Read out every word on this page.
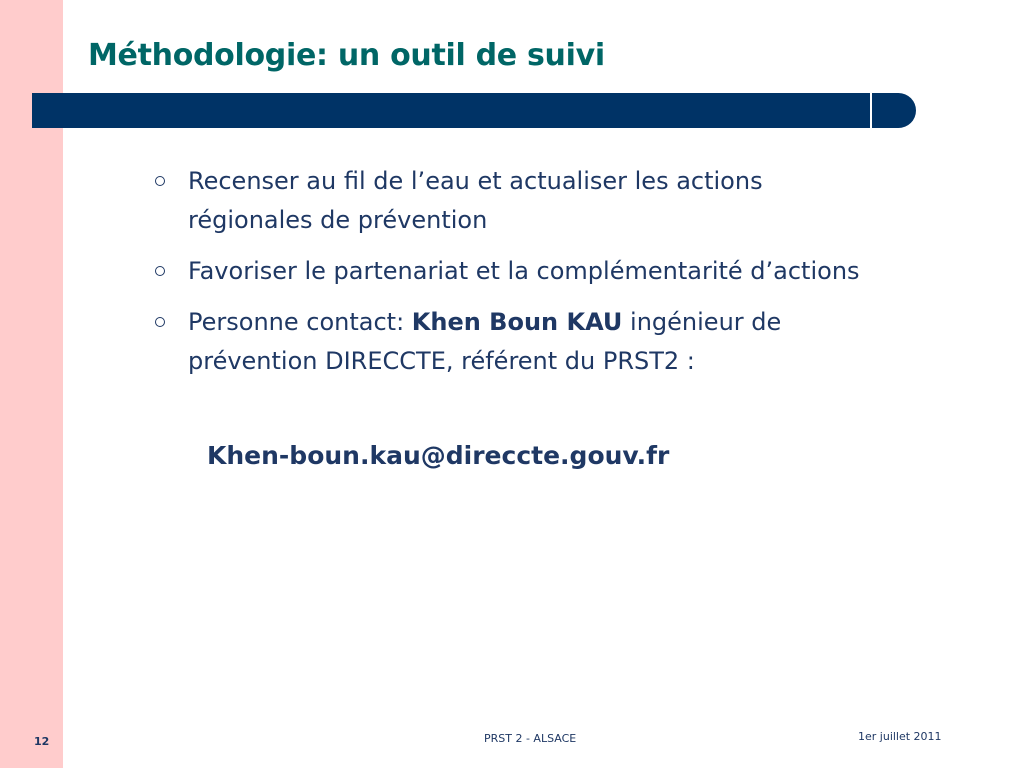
Méthodologie: un outil de suivi
Recenser au fil de l’eau et actualiser les actions régionales de prévention
Favoriser le partenariat et la complémentarité d’actions
Personne contact: Khen Boun KAU ingénieur de prévention DIRECCTE, référent du PRST2 :
Khen-boun.kau@direccte.gouv.fr
12	PRST 2 - ALSACE	1er juillet 2011
